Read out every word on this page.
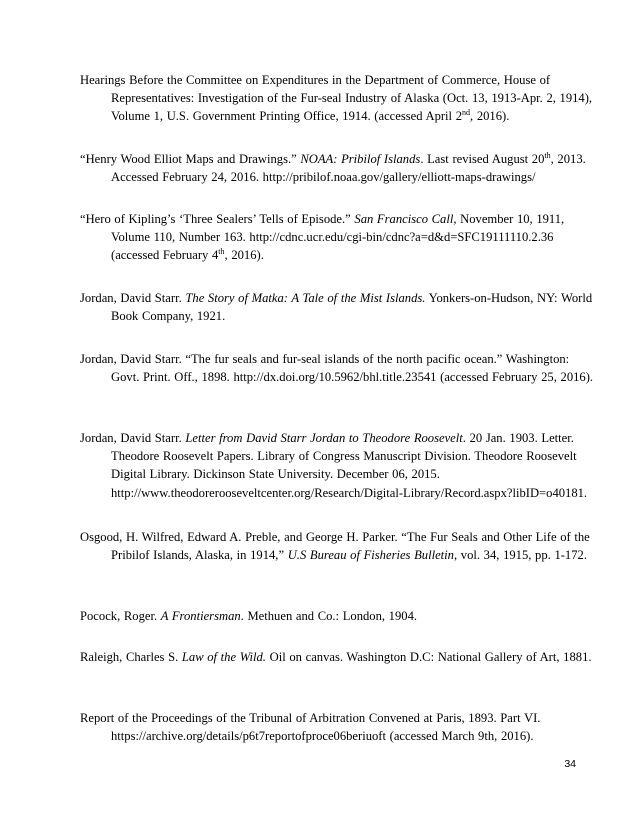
Hearings Before the Committee on Expenditures in the Department of Commerce, House of Representatives: Investigation of the Fur-seal Industry of Alaska (Oct. 13, 1913-Apr. 2, 1914), Volume 1, U.S. Government Printing Office, 1914. (accessed April 2nd, 2016).
“Henry Wood Elliot Maps and Drawings.” NOAA: Pribilof Islands. Last revised August 20th, 2013. Accessed February 24, 2016. http://pribilof.noaa.gov/gallery/elliott-maps-drawings/
“Hero of Kipling’s ‘Three Sealers’ Tells of Episode.” San Francisco Call, November 10, 1911, Volume 110, Number 163. http://cdnc.ucr.edu/cgi-bin/cdnc?a=d&d=SFC19111110.2.36 (accessed February 4th, 2016).
Jordan, David Starr. The Story of Matka: A Tale of the Mist Islands. Yonkers-on-Hudson, NY: World Book Company, 1921.
Jordan, David Starr. “The fur seals and fur-seal islands of the north pacific ocean.” Washington: Govt. Print. Off., 1898. http://dx.doi.org/10.5962/bhl.title.23541 (accessed February 25, 2016).
Jordan, David Starr. Letter from David Starr Jordan to Theodore Roosevelt. 20 Jan. 1903. Letter. Theodore Roosevelt Papers. Library of Congress Manuscript Division. Theodore Roosevelt Digital Library. Dickinson State University. December 06, 2015. http://www.theodorerooseveltcenter.org/Research/Digital-Library/Record.aspx?libID=o40181.
Osgood, H. Wilfred, Edward A. Preble, and George H. Parker. “The Fur Seals and Other Life of the Pribilof Islands, Alaska, in 1914,” U.S Bureau of Fisheries Bulletin, vol. 34, 1915, pp. 1-172.
Pocock, Roger. A Frontiersman. Methuen and Co.: London, 1904.
Raleigh, Charles S. Law of the Wild. Oil on canvas. Washington D.C: National Gallery of Art, 1881.
Report of the Proceedings of the Tribunal of Arbitration Convened at Paris, 1893. Part VI. https://archive.org/details/p6t7reportofproce06beriuoft (accessed March 9th, 2016).
34
